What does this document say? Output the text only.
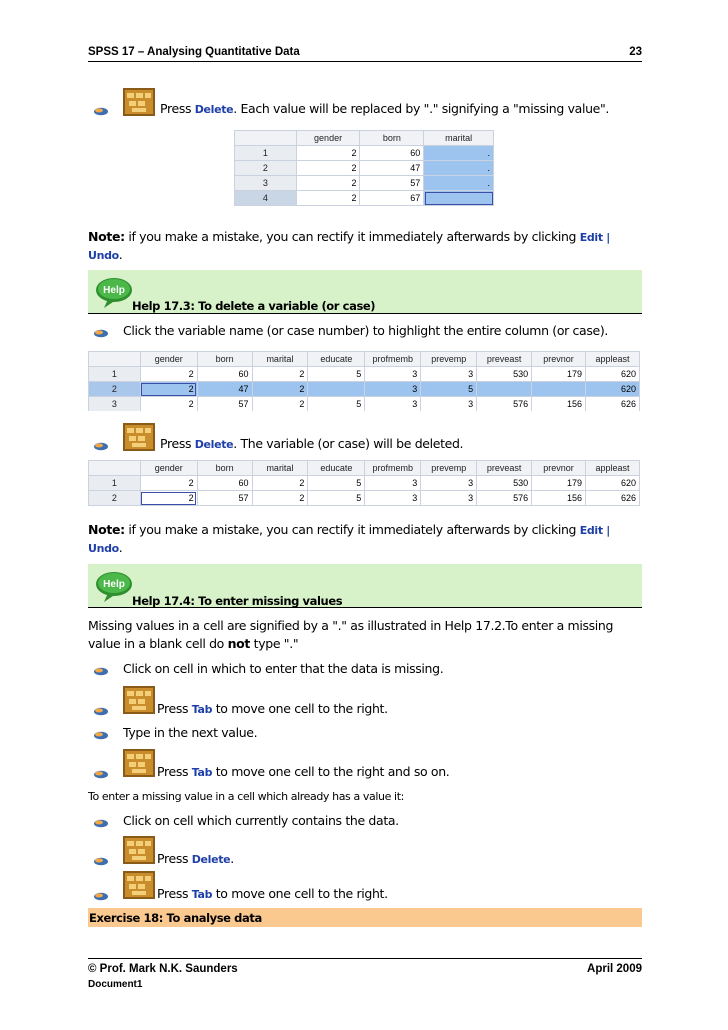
SPSS 17 – Analysing Quantitative Data	23
Press Delete. Each value will be replaced by "." signifying a "missing value".
	gender	born	marital
1	2	60	.
2	2	47	.
3	2	57	.
4	2	67	
Note: if you make a mistake, you can rectify it immediately afterwards by clicking Edit |
Undo.
Help
Help 17.3: To delete a variable (or case)
Click the variable name (or case number) to highlight the entire column (or case).
	gender	born	marital	educate	profmemb	prevemp	preveast	prevnor	appleast
1	2	60	2	5	3	3	530	179	620
2	2	47	2		3	5			620
3	2	57	2	5	3	3	576	156	626
Press Delete. The variable (or case) will be deleted.
	gender	born	marital	educate	profmemb	prevemp	preveast	prevnor	appleast
1	2	60	2	5	3	3	530	179	620
2	2	57	2	5	3	3	576	156	626
Note: if you make a mistake, you can rectify it immediately afterwards by clicking Edit |
Undo.
Help
Help 17.4: To enter missing values
Missing values in a cell are signified by a "." as illustrated in Help 17.2.To enter a missing
value in a blank cell do not type "."
Click on cell in which to enter that the data is missing.
Press Tab to move one cell to the right.
Type in the next value.
Press Tab to move one cell to the right and so on.
To enter a missing value in a cell which already has a value it:
Click on cell which currently contains the data.
Press Delete.
Press Tab to move one cell to the right.
Exercise 18: To analyse data
© Prof. Mark N.K. Saunders	April 2009
Document1
